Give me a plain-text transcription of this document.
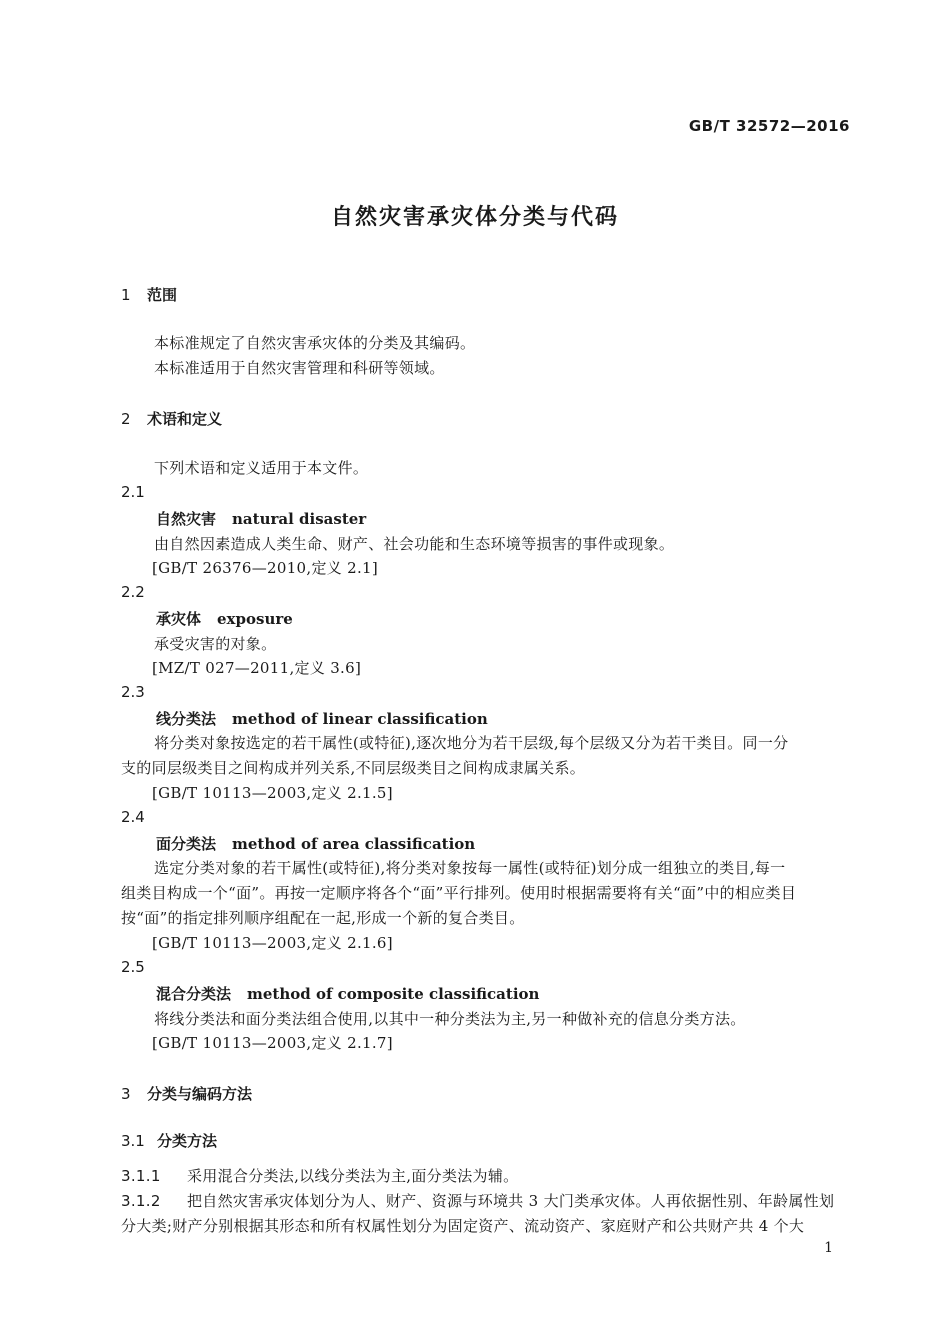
GB/T 32572—2016
自然灾害承灾体分类与代码
1 范围
本标准规定了自然灾害承灾体的分类及其编码。
本标准适用于自然灾害管理和科研等领域。
2 术语和定义
下列术语和定义适用于本文件。
2.1
自然灾害 natural disaster
由自然因素造成人类生命、财产、社会功能和生态环境等损害的事件或现象。
[GB/T 26376—2010,定义 2.1]
2.2
承灾体 exposure
承受灾害的对象。
[MZ/T 027—2011,定义 3.6]
2.3
线分类法 method of linear classification
将分类对象按选定的若干属性(或特征),逐次地分为若干层级,每个层级又分为若干类目。同一分
支的同层级类目之间构成并列关系,不同层级类目之间构成隶属关系。
[GB/T 10113—2003,定义 2.1.5]
2.4
面分类法 method of area classification
选定分类对象的若干属性(或特征),将分类对象按每一属性(或特征)划分成一组独立的类目,每一
组类目构成一个“面”。再按一定顺序将各个“面”平行排列。使用时根据需要将有关“面”中的相应类目
按“面”的指定排列顺序组配在一起,形成一个新的复合类目。
[GB/T 10113—2003,定义 2.1.6]
2.5
混合分类法 method of composite classification
将线分类法和面分类法组合使用,以其中一种分类法为主,另一种做补充的信息分类方法。
[GB/T 10113—2003,定义 2.1.7]
3 分类与编码方法
3.1 分类方法
3.1.1 采用混合分类法,以线分类法为主,面分类法为辅。
3.1.2 把自然灾害承灾体划分为人、财产、资源与环境共 3 大门类承灾体。人再依据性别、年龄属性划
分大类;财产分别根据其形态和所有权属性划分为固定资产、流动资产、家庭财产和公共财产共 4 个大
1
